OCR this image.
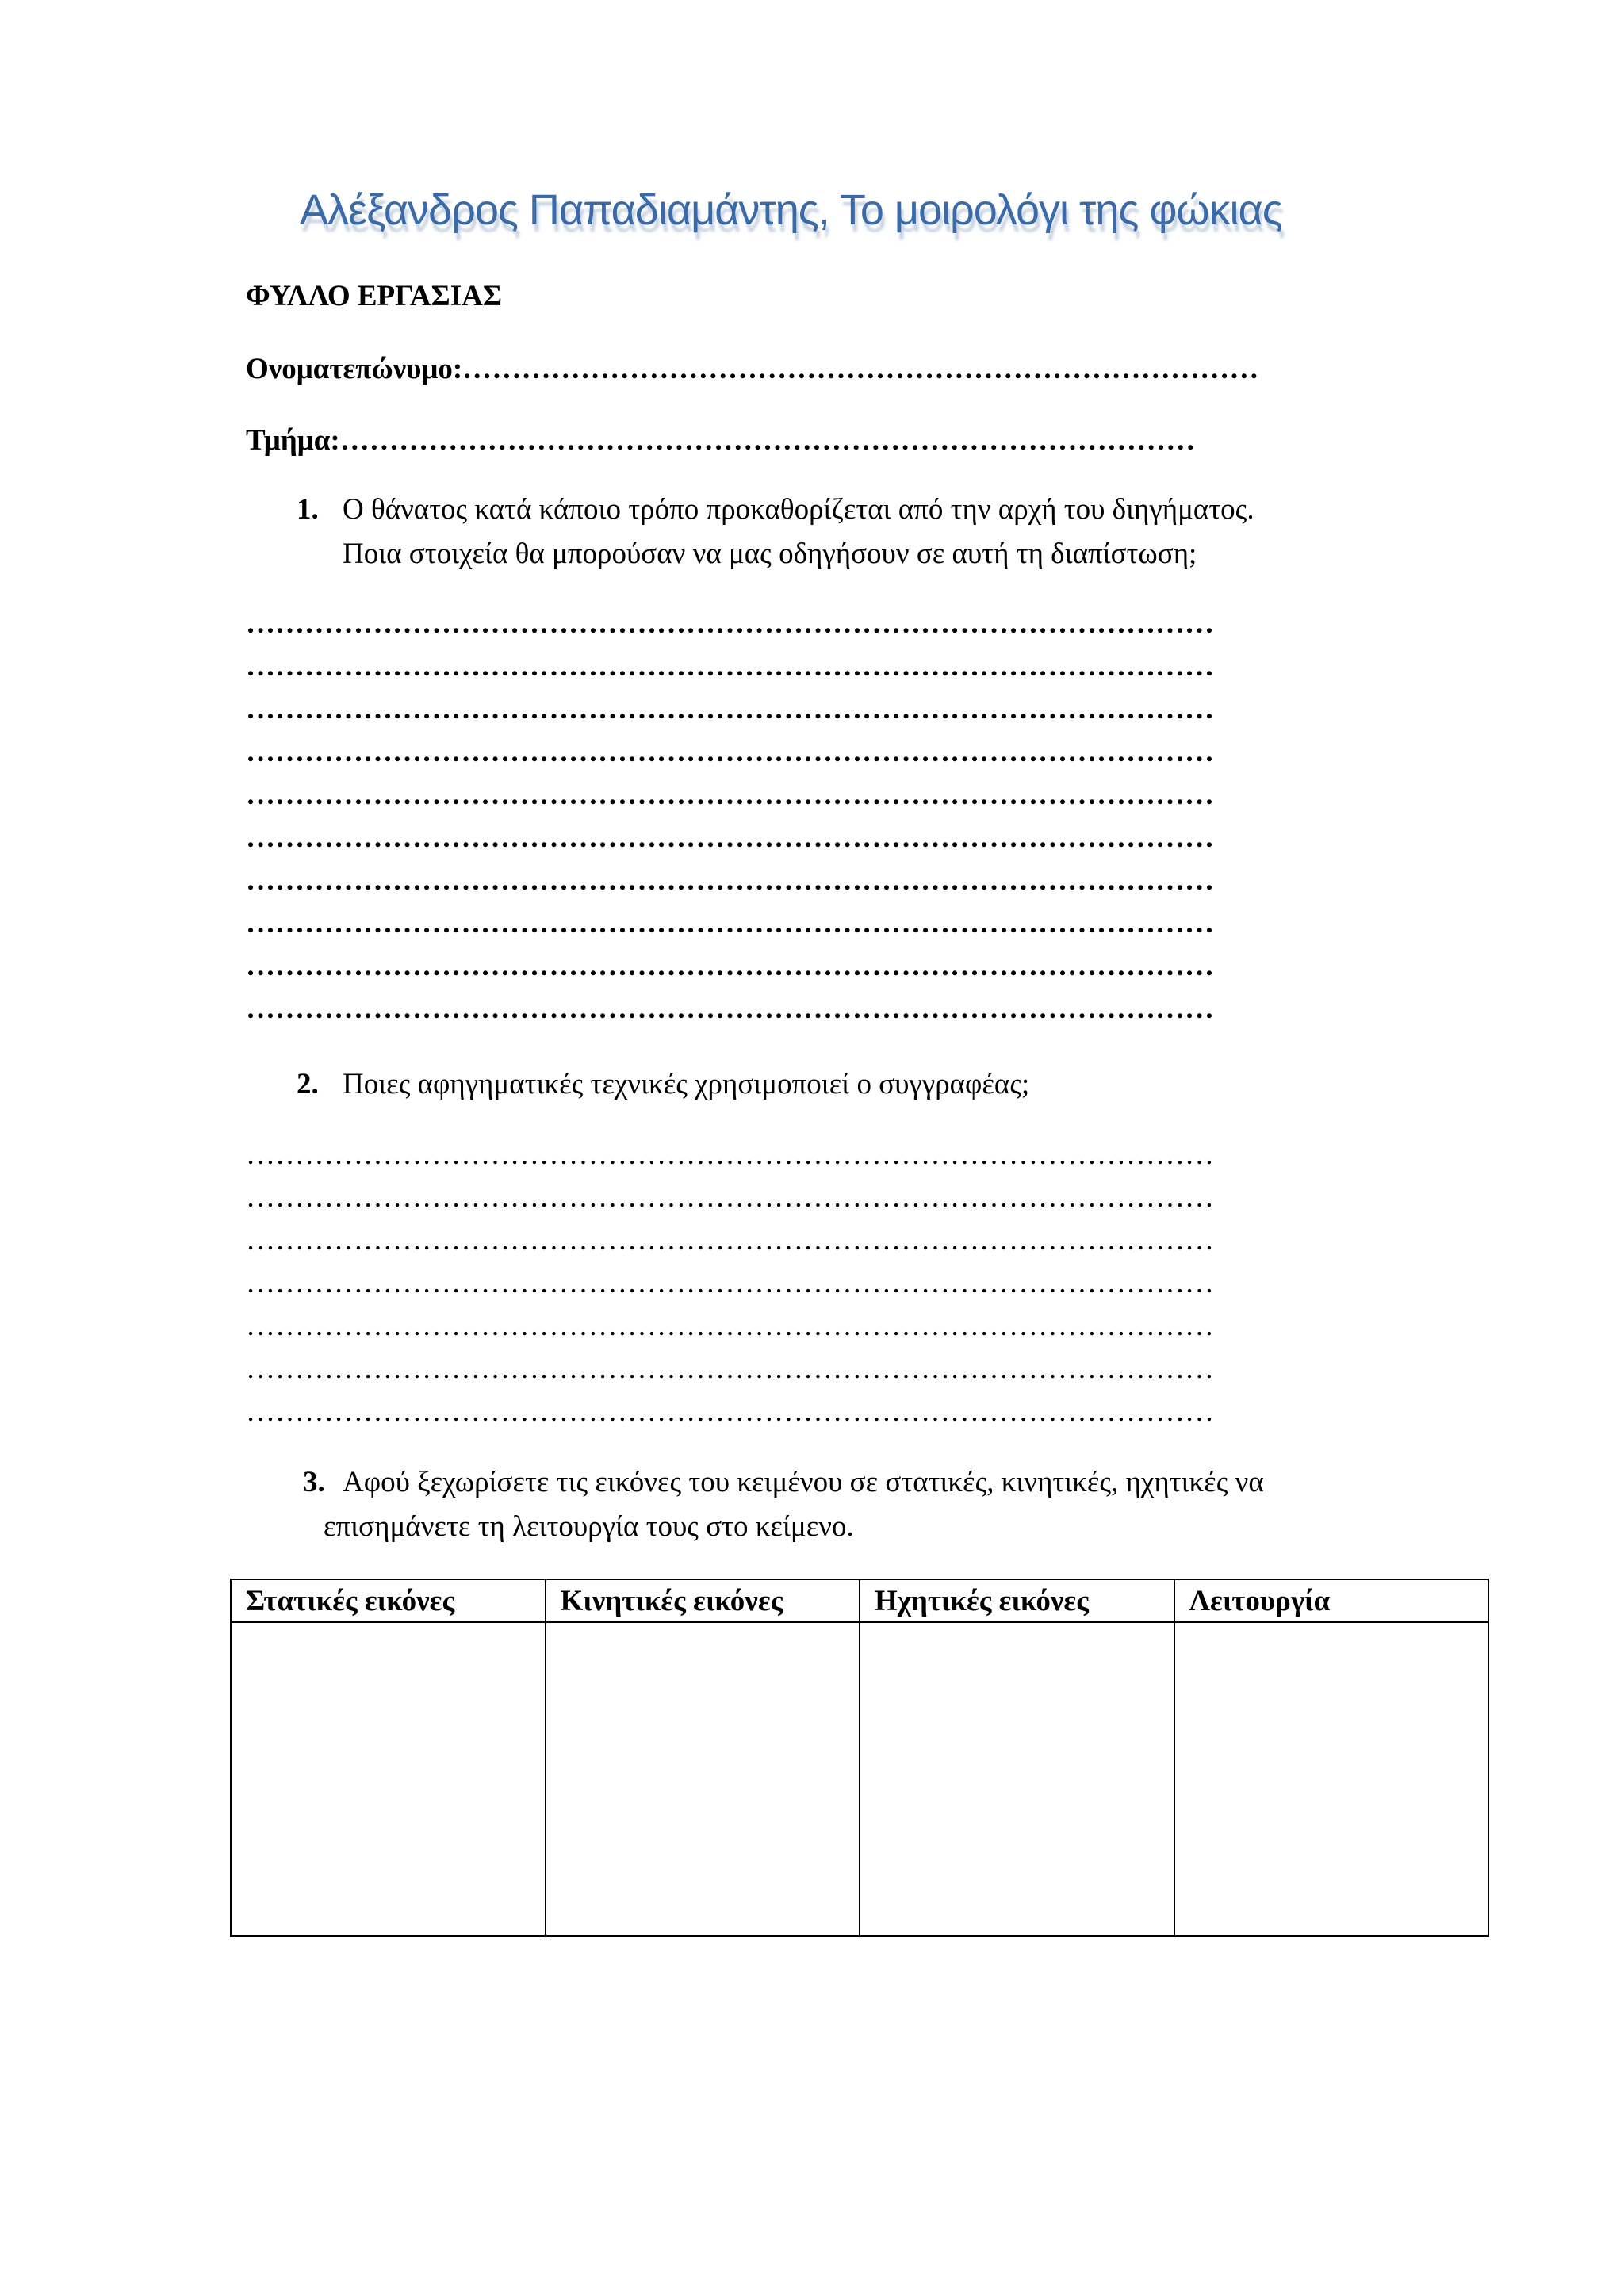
Αλέξανδρος Παπαδιαμάντης, Το μοιρολόγι της φώκιας
ΦΥΛΛΟ ΕΡΓΑΣΙΑΣ
Ονοματεπώνυμο:………………………………………………………………………
Τμήμα:……………………………………………………………………………
1. Ο θάνατος κατά κάποιο τρόπο προκαθορίζεται από την αρχή του διηγήματος.
Ποια στοιχεία θα μπορούσαν να μας οδηγήσουν σε αυτή τη διαπίστωση;
………………………………………………………………………………………
………………………………………………………………………………………
………………………………………………………………………………………
………………………………………………………………………………………
………………………………………………………………………………………
………………………………………………………………………………………
………………………………………………………………………………………
………………………………………………………………………………………
………………………………………………………………………………………
………………………………………………………………………………………
2. Ποιες αφηγηματικές τεχνικές χρησιμοποιεί ο συγγραφέας;
………………………………………………………………………………………
………………………………………………………………………………………
………………………………………………………………………………………
………………………………………………………………………………………
………………………………………………………………………………………
………………………………………………………………………………………
………………………………………………………………………………………
3. Αφού ξεχωρίσετε τις εικόνες του κειμένου σε στατικές, κινητικές, ηχητικές να
επισημάνετε τη λειτουργία τους στο κείμενο.
Στατικές εικόνες	Κινητικές εικόνες	Ηχητικές εικόνες	Λειτουργία
